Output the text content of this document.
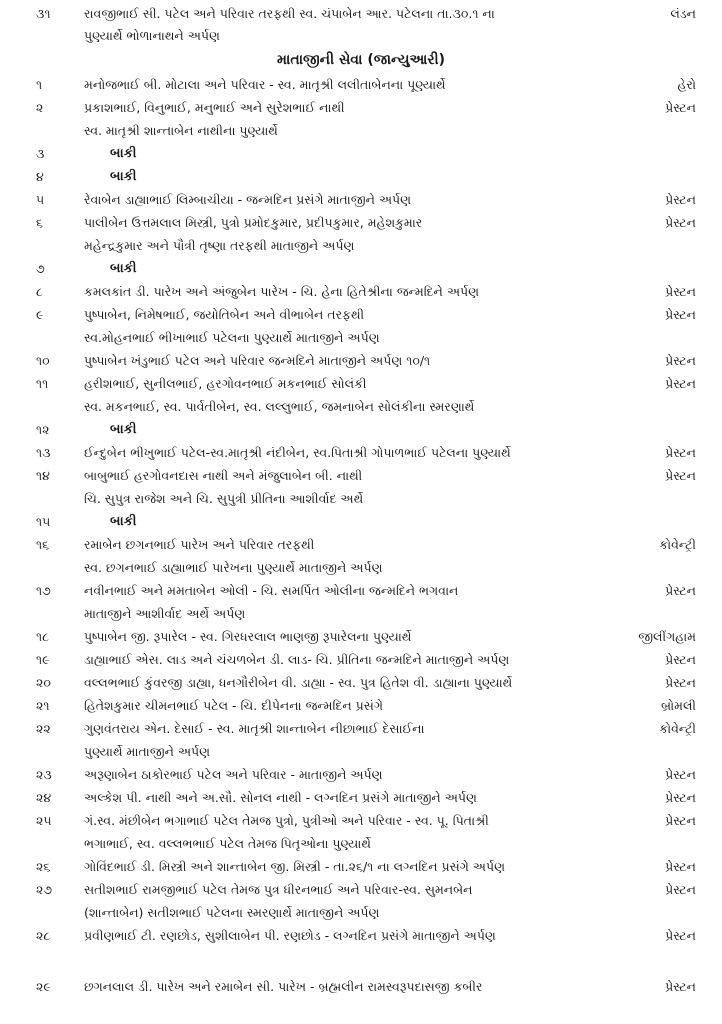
૩૧	રાવજીભાઈ સી. પટેલ અને પરિવાર તરફથી સ્વ. ચંપાબેન આર. પટેલના તા.૩૦.૧ ના	લંડન
પુણ્યાર્થે ભોળાનાથને અર્પણ
માતાજીની સેવા (જાન્યુઆરી)
૧	મનોજભાઈ બી. મોટાલા અને પરિવાર - સ્વ. માતૃશ્રી લલીતાબેનના પૂણ્યાર્થે	હેરો
૨	પ્રકાશભાઈ, વિનુભાઈ, મનુભાઈ અને સુરેશભાઈ નાથી	પ્રેસ્ટન
સ્વ. માતૃશ્રી શાન્તાબેન નાથીના પુણ્યાર્થે
૩	બાકી
૪	બાકી
૫	રેવાબેન ડાહ્યાભાઈ લિમ્બાચીયા - જન્મદિન પ્રસંગે માતાજીને અર્પણ	પ્રેસ્ટન
૬	પાલીબેન ઉત્તમલાલ મિસ્ત્રી, પુત્રો પ્રમોદકુમાર, પ્રદીપકુમાર, મહેશકુમાર	પ્રેસ્ટન
મહેન્દ્રકુમાર અને પૌત્રી તૃષ્ણા તરફથી માતાજીને અર્પણ
૭	બાકી
૮	કમલકાંત ડી. પારેખ અને અંજુબેન પારેખ - ચિ. હેના હિતેશ્રીના જન્મદિને અર્પણ	પ્રેસ્ટન
૯	પુષ્પાબેન, નિમેષભાઈ, જયોતિબેન અને વીભાબેન તરફથી	પ્રેસ્ટન
સ્વ.મોહનભાઈ ભીખાભાઈ પટેલના પુણ્યાર્થે માતાજીને અર્પણ
૧૦	પુષ્પાબેન ખંડુભાઈ પટેલ અને પરિવાર જન્મદિને માતાજીને અર્પણ ૧૦/૧	પ્રેસ્ટન
૧૧	હરીશભાઈ, સુનીલભાઈ, હરગોવનભાઈ મકનભાઈ સોલંકી	પ્રેસ્ટન
સ્વ. મકનભાઈ, સ્વ. પાર્વતીબેન, સ્વ. લલ્લુભાઈ, જમનાબેન સોલંકીના સ્મરણાર્થે
૧૨	બાકી
૧૩	ઈન્દુબેન ભીખુભાઈ પટેલ-સ્વ.માતૃશ્રી નંદીબેન, સ્વ.પિતાશ્રી ગોપાળભાઈ પટેલના પુણ્યાર્થે	પ્રેસ્ટન
૧૪	બાબુભાઈ હરગોવનદાસ નાથી અને મંજુલાબેન બી. નાથી	પ્રેસ્ટન
ચિ. સુપુત્ર રાજેશ અને ચિ. સુપુત્રી પ્રીતિના આશીર્વાદ અર્થે
૧૫	બાકી
૧૬	રમાબેન છગનભાઈ પારેખ અને પરિવાર તરફથી	કોવેન્ટ્રી
સ્વ. છગનભાઈ ડાહ્યાભાઈ પારેખના પુણ્યાર્થે માતાજીને અર્પણ
૧૭	નવીનભાઈ અને મમતાબેન ઓલી - ચિ. સમર્પિત ઓલીના જન્મદિને ભગવાન	પ્રેસ્ટન
માતાજીને આશીર્વાદ અર્થે અર્પણ
૧૮	પુષ્પાબેન જી. રૂપારેલ - સ્વ. ગિરધરલાલ ભાણજી રૂપારેલના પુણ્યાર્થે	જીલીંગહામ
૧૯	ડાહ્યાભાઈ એસ. લાડ અને ચંચળબેન ડી. લાડ- ચિ. પ્રીતિના જન્મદિને માતાજીને અર્પણ	પ્રેસ્ટન
૨૦	વલ્લભભાઈ કુંવરજી ડાહ્યા, ધનગૌરીબેન વી. ડાહ્યા - સ્વ. પુત્ર હિતેશ વી. ડાહ્યાના પુણ્યાર્થે	પ્રેસ્ટન
૨૧	હિતેશકુમાર ચીમનભાઈ પટેલ - ચિ. દીપેનના જન્મદિન પ્રસંગે	બ્રોમલી
૨૨	ગુણવંતરાય એન. દેસાઈ - સ્વ. માતૃશ્રી શાન્તાબેન નીછાભાઈ દેસાઈના	કોવેન્ટ્રી
પુણ્યાર્થે માતાજીને અર્પણ
૨૩	અરૂણાબેન ઠાકોરભાઈ પટેલ અને પરિવાર - માતાજીને અર્પણ	પ્રેસ્ટન
૨૪	અલ્કેશ પી. નાથી અને અ.સૌ. સોનલ નાથી - લગ્નદિન પ્રસંગે માતાજીને અર્પણ	પ્રેસ્ટન
૨૫	ગં.સ્વ. મંછીબેન ભગાભાઈ પટેલ તેમજ પુત્રો, પુત્રીઓ અને પરિવાર - સ્વ. પૂ. પિતાશ્રી	પ્રેસ્ટન
ભગાભાઈ, સ્વ. વલ્લભભાઈ પટેલ તેમજ પિતૃઓના પુણ્યાર્થે
૨૬	ગોવિંદભાઈ ડી. મિસ્ત્રી અને શાન્તાબેન જી. મિસ્ત્રી - તા.૨૬/૧ ના લગ્નદિન પ્રસંગે અર્પણ	પ્રેસ્ટન
૨૭	સતીશભાઈ રામજીભાઈ પટેલ તેમજ પુત્ર ધીરનભાઈ અને પરિવાર-સ્વ. સુમનબેન	પ્રેસ્ટન
(શાન્તાબેન) સતીશભાઈ પટેલના સ્મરણાર્થે માતાજીને અર્પણ
૨૮	પ્રવીણભાઈ ટી. રણછોડ, સુશીલાબેન પી. રણછોડ - લગ્નદિન પ્રસંગે માતાજીને અર્પણ	પ્રેસ્ટન
૨૯	છગનલાલ ડી. પારેખ અને રમાબેન સી. પારેખ - બ્રહ્મલીન રામસ્વરૂપદાસજી કબીર	પ્રેસ્ટન
